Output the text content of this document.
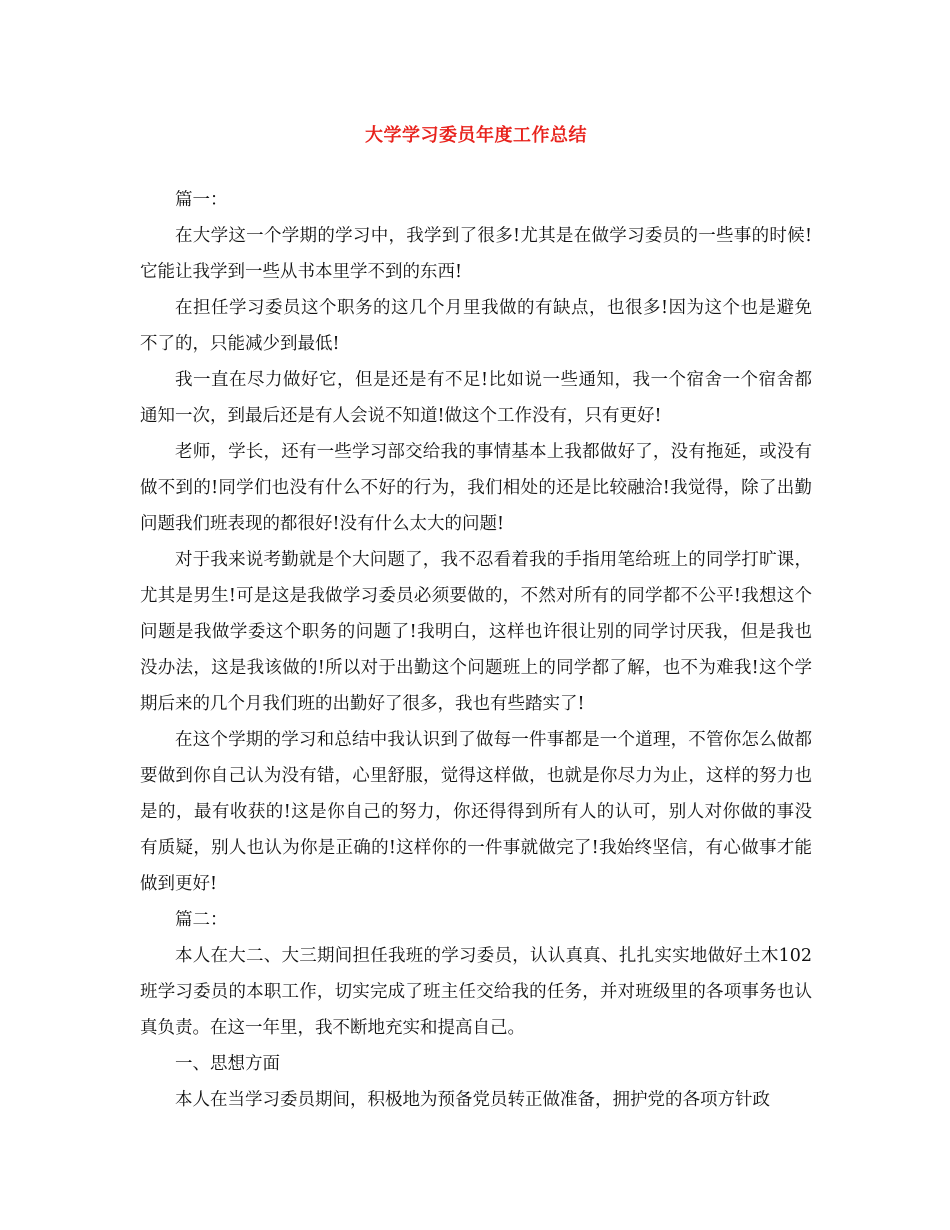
大学学习委员年度工作总结

篇一：

在大学这一个学期的学习中，我学到了很多!尤其是在做学习委员的一些事的时候!它能让我学到一些从书本里学不到的东西!

在担任学习委员这个职务的这几个月里我做的有缺点，也很多!因为这个也是避免不了的，只能减少到最低!

我一直在尽力做好它，但是还是有不足!比如说一些通知，我一个宿舍一个宿舍都通知一次，到最后还是有人会说不知道!做这个工作没有，只有更好!

老师，学长，还有一些学习部交给我的事情基本上我都做好了，没有拖延，或没有做不到的!同学们也没有什么不好的行为，我们相处的还是比较融洽!我觉得，除了出勤问题我们班表现的都很好!没有什么太大的问题!

对于我来说考勤就是个大问题了，我不忍看着我的手指用笔给班上的同学打旷课，尤其是男生!可是这是我做学习委员必须要做的，不然对所有的同学都不公平!我想这个问题是我做学委这个职务的问题了!我明白，这样也许很让别的同学讨厌我，但是我也没办法，这是我该做的!所以对于出勤这个问题班上的同学都了解，也不为难我!这个学期后来的几个月我们班的出勤好了很多，我也有些踏实了!

在这个学期的学习和总结中我认识到了做每一件事都是一个道理，不管你怎么做都要做到你自己认为没有错，心里舒服，觉得这样做，也就是你尽力为止，这样的努力也是的，最有收获的!这是你自己的努力，你还得得到所有人的认可，别人对你做的事没有质疑，别人也认为你是正确的!这样你的一件事就做完了!我始终坚信，有心做事才能做到更好!

篇二：

本人在大二、大三期间担任我班的学习委员，认认真真、扎扎实实地做好土木102班学习委员的本职工作，切实完成了班主任交给我的任务，并对班级里的各项事务也认真负责。在这一年里，我不断地充实和提高自己。

一、思想方面

本人在当学习委员期间，积极地为预备党员转正做准备，拥护党的各项方针政
